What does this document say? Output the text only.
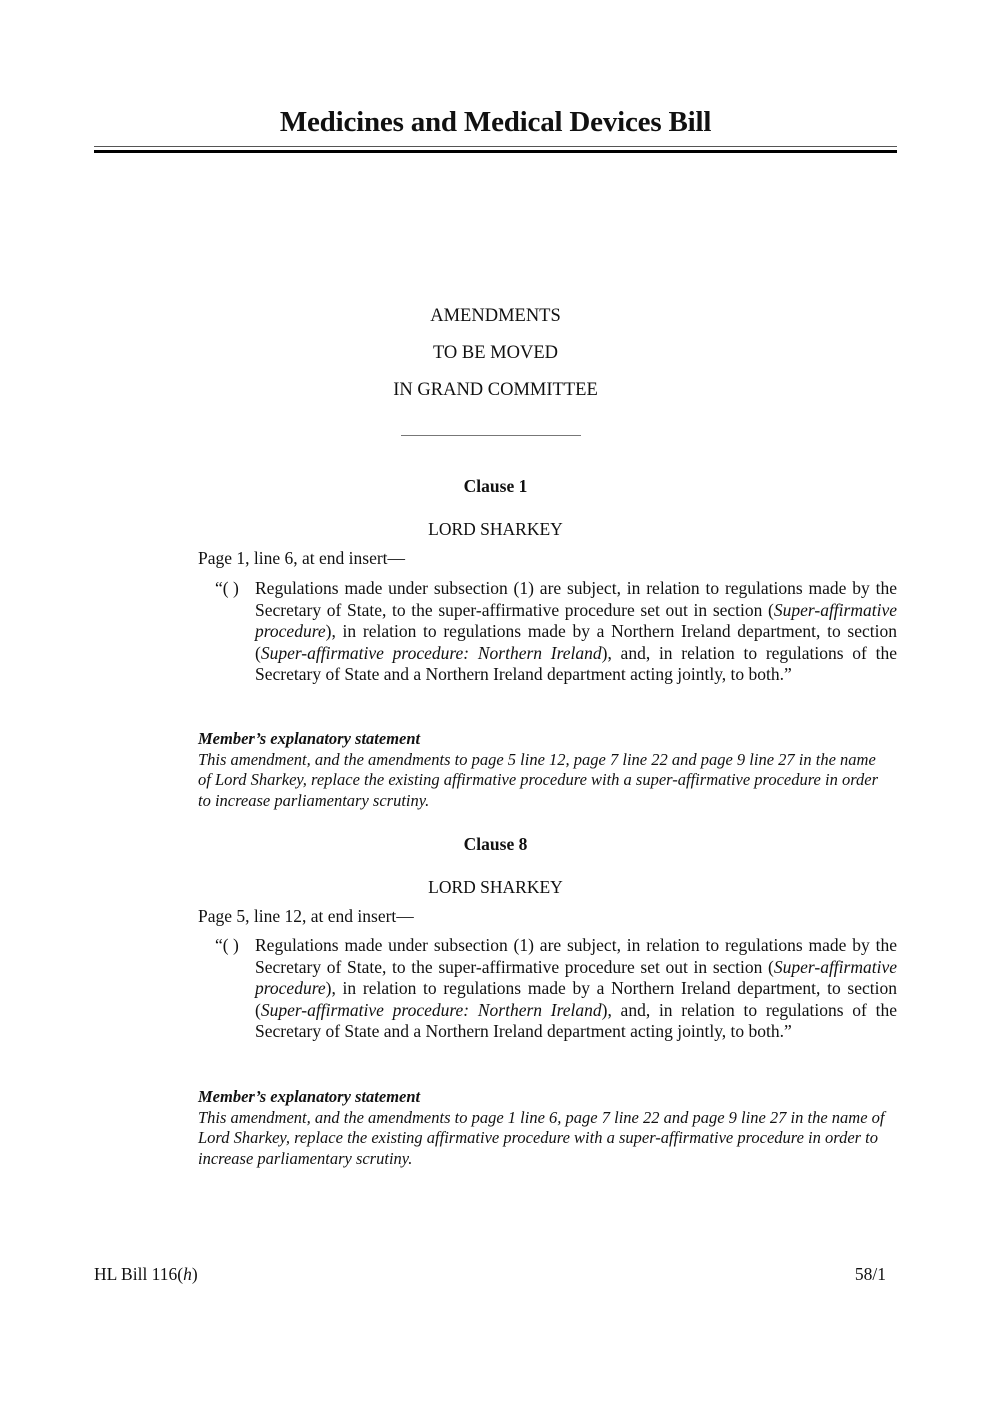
Medicines and Medical Devices Bill
AMENDMENTS
TO BE MOVED
IN GRAND COMMITTEE
Clause 1
LORD SHARKEY
Page 1, line 6, at end insert—
“( ) Regulations made under subsection (1) are subject, in relation to regulations made by the Secretary of State, to the super-affirmative procedure set out in section (Super-affirmative procedure), in relation to regulations made by a Northern Ireland department, to section (Super-affirmative procedure: Northern Ireland), and, in relation to regulations of the Secretary of State and a Northern Ireland department acting jointly, to both.”
Member’s explanatory statement
This amendment, and the amendments to page 5 line 12, page 7 line 22 and page 9 line 27 in the name of Lord Sharkey, replace the existing affirmative procedure with a super-affirmative procedure in order to increase parliamentary scrutiny.
Clause 8
LORD SHARKEY
Page 5, line 12, at end insert—
“( ) Regulations made under subsection (1) are subject, in relation to regulations made by the Secretary of State, to the super-affirmative procedure set out in section (Super-affirmative procedure), in relation to regulations made by a Northern Ireland department, to section (Super-affirmative procedure: Northern Ireland), and, in relation to regulations of the Secretary of State and a Northern Ireland department acting jointly, to both.”
Member’s explanatory statement
This amendment, and the amendments to page 1 line 6, page 7 line 22 and page 9 line 27 in the name of Lord Sharkey, replace the existing affirmative procedure with a super-affirmative procedure in order to increase parliamentary scrutiny.
HL Bill 116(h)	58/1
